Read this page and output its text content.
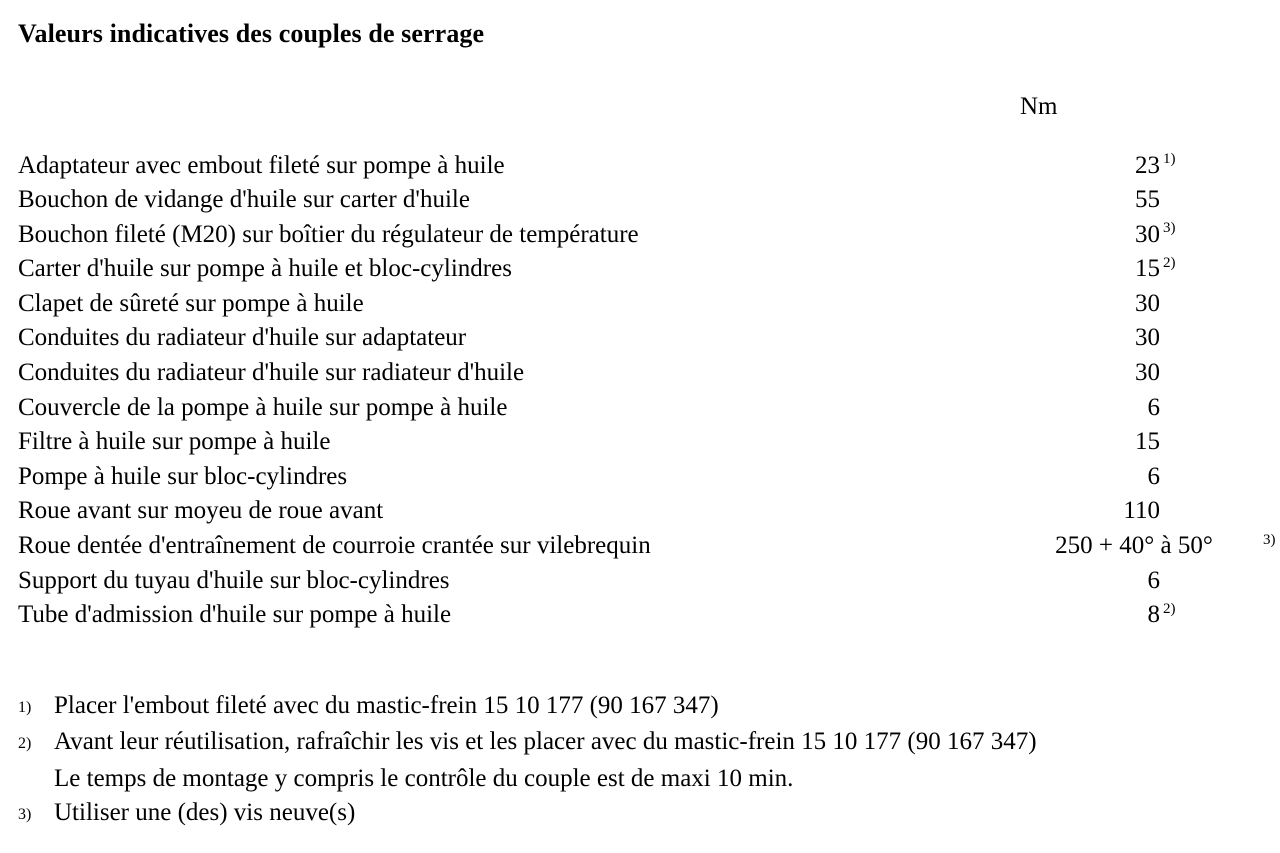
Valeurs indicatives des couples de serrage
Nm
Adaptateur avec embout fileté sur pompe à huile	23 $^{1)}$
Bouchon de vidange d'huile sur carter d'huile	55
Bouchon fileté (M20) sur boîtier du régulateur de température	30 $^{3)}$
Carter d'huile sur pompe à huile et bloc-cylindres	15 $^{2)}$
Clapet de sûreté sur pompe à huile	30
Conduites du radiateur d'huile sur adaptateur	30
Conduites du radiateur d'huile sur radiateur d'huile	30
Couvercle de la pompe à huile sur pompe à huile	6
Filtre à huile sur pompe à huile	15
Pompe à huile sur bloc-cylindres	6
Roue avant sur moyeu de roue avant	110
Roue dentée d'entraînement de courroie crantée sur vilebrequin	250 + 40° à 50° $^{3)}$
Support du tuyau d'huile sur bloc-cylindres	6
Tube d'admission d'huile sur pompe à huile	8 $^{2)}$
1) Placer l'embout fileté avec du mastic-frein 15 10 177 (90 167 347)
2) Avant leur réutilisation, rafraîchir les vis et les placer avec du mastic-frein 15 10 177 (90 167 347)
Le temps de montage y compris le contrôle du couple est de maxi 10 min.
3) Utiliser une (des) vis neuve(s)
